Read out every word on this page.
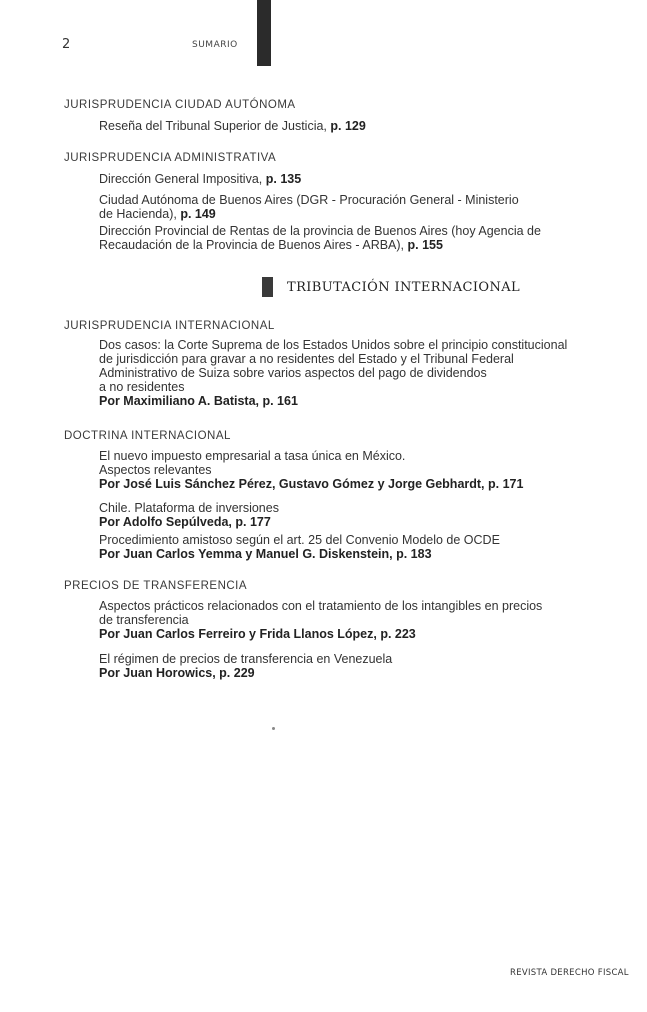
2	SUMARIO
JURISPRUDENCIA CIUDAD AUTÓNOMA
Reseña del Tribunal Superior de Justicia, p. 129
JURISPRUDENCIA ADMINISTRATIVA
Dirección General Impositiva, p. 135
Ciudad Autónoma de Buenos Aires (DGR - Procuración General - Ministerio de Hacienda), p. 149
Dirección Provincial de Rentas de la provincia de Buenos Aires (hoy Agencia de Recaudación de la Provincia de Buenos Aires - ARBA), p. 155
TRIBUTACIÓN INTERNACIONAL
JURISPRUDENCIA INTERNACIONAL
Dos casos: la Corte Suprema de los Estados Unidos sobre el principio constitucional
de jurisdicción para gravar a no residentes del Estado y el Tribunal Federal
Administrativo de Suiza sobre varios aspectos del pago de dividendos
a no residentes
Por Maximiliano A. Batista, p. 161
DOCTRINA INTERNACIONAL
El nuevo impuesto empresarial a tasa única en México.
Aspectos relevantes
Por José Luis Sánchez Pérez, Gustavo Gómez y Jorge Gebhardt, p. 171
Chile. Plataforma de inversiones
Por Adolfo Sepúlveda, p. 177
Procedimiento amistoso según el art. 25 del Convenio Modelo de OCDE
Por Juan Carlos Yemma y Manuel G. Diskenstein, p. 183
PRECIOS DE TRANSFERENCIA
Aspectos prácticos relacionados con el tratamiento de los intangibles en precios
de transferencia
Por Juan Carlos Ferreiro y Frida Llanos López, p. 223
El régimen de precios de transferencia en Venezuela
Por Juan Horowics, p. 229
REVISTA DERECHO FISCAL
